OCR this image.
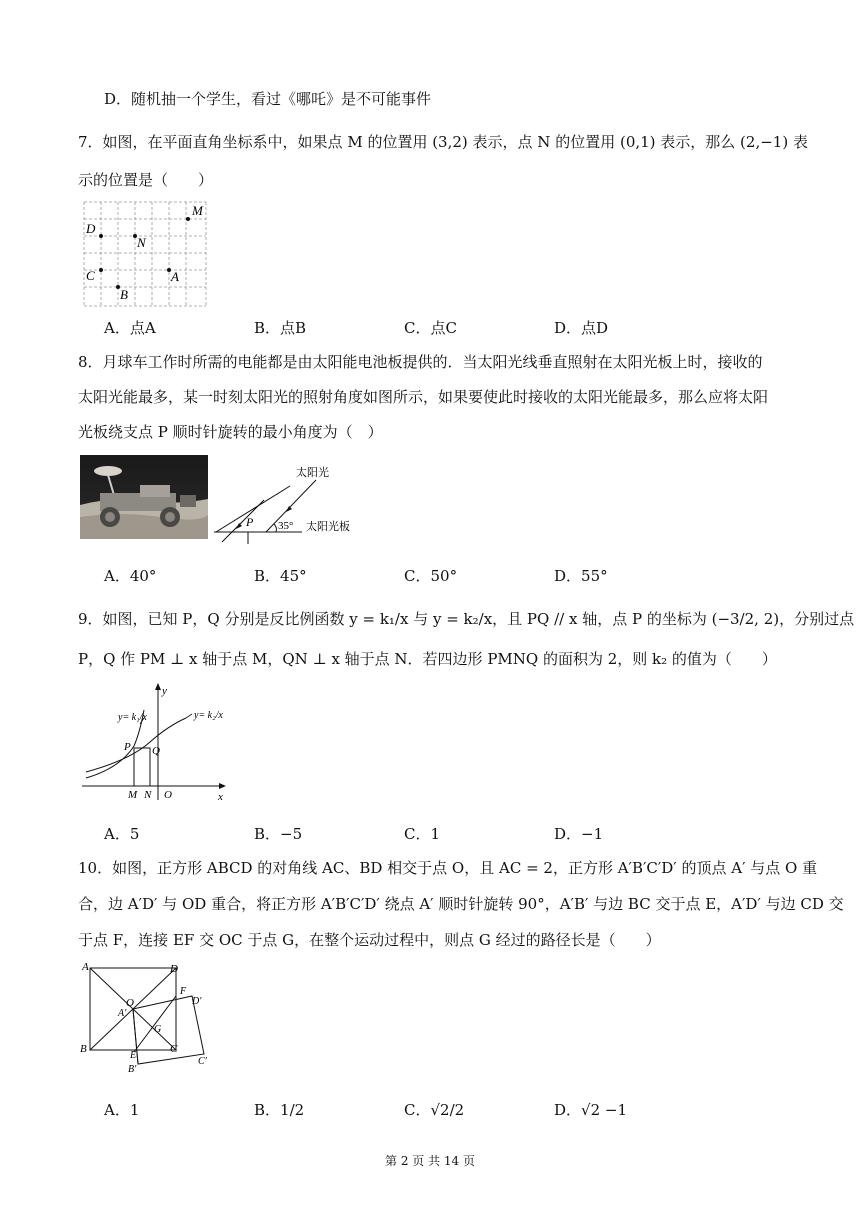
D．随机抽一个学生，看过《哪吒》是不可能事件
7．如图，在平面直角坐标系中，如果点 M 的位置用 (3,2) 表示，点 N 的位置用 (0,1) 表示，那么 (2,−1) 表
示的位置是（　　）
M
D
N
C	A
B
A．点A	B．点B	C．点C	D．点D
8．月球车工作时所需的电能都是由太阳能电池板提供的．当太阳光线垂直照射在太阳光板上时，接收的
太阳光能最多，某一时刻太阳光的照射角度如图所示，如果要使此时接收的太阳光能最多，那么应将太阳
光板绕支点 P 顺时针旋转的最小角度为（　）
太阳光
太阳光板
35°
P
A．40°	B．45°	C．50°	D．55°
9．如图，已知 P，Q 分别是反比例函数 y = k₁/x 与 y = k₂/x，且 PQ // x 轴，点 P 的坐标为 (−3/2, 2)，分别过点
P，Q 作 PM ⊥ x 轴于点 M，QN ⊥ x 轴于点 N．若四边形 PMNQ 的面积为 2，则 k₂ 的值为（　　）
y
x
y= k₁/x	y= k₂/x
P Q
M N O
A．5	B．−5	C．1	D．−1
10．如图，正方形 ABCD 的对角线 AC、BD 相交于点 O，且 AC = 2，正方形 A′B′C′D′ 的顶点 A′ 与点 O 重
合，边 A′D′ 与 OD 重合，将正方形 A′B′C′D′ 绕点 A′ 顺时针旋转 90°，A′B′ 与边 BC 交于点 E，A′D′ 与边 CD 交
于点 F，连接 EF 交 OC 于点 G，在整个运动过程中，则点 G 经过的路径长是（　　）
A	D
B	C
O
A′
F
D′
G
E
B′
C′
A．1	B．1/2	C．√2/2	D．√2 −1
第 2 页 共 14 页
